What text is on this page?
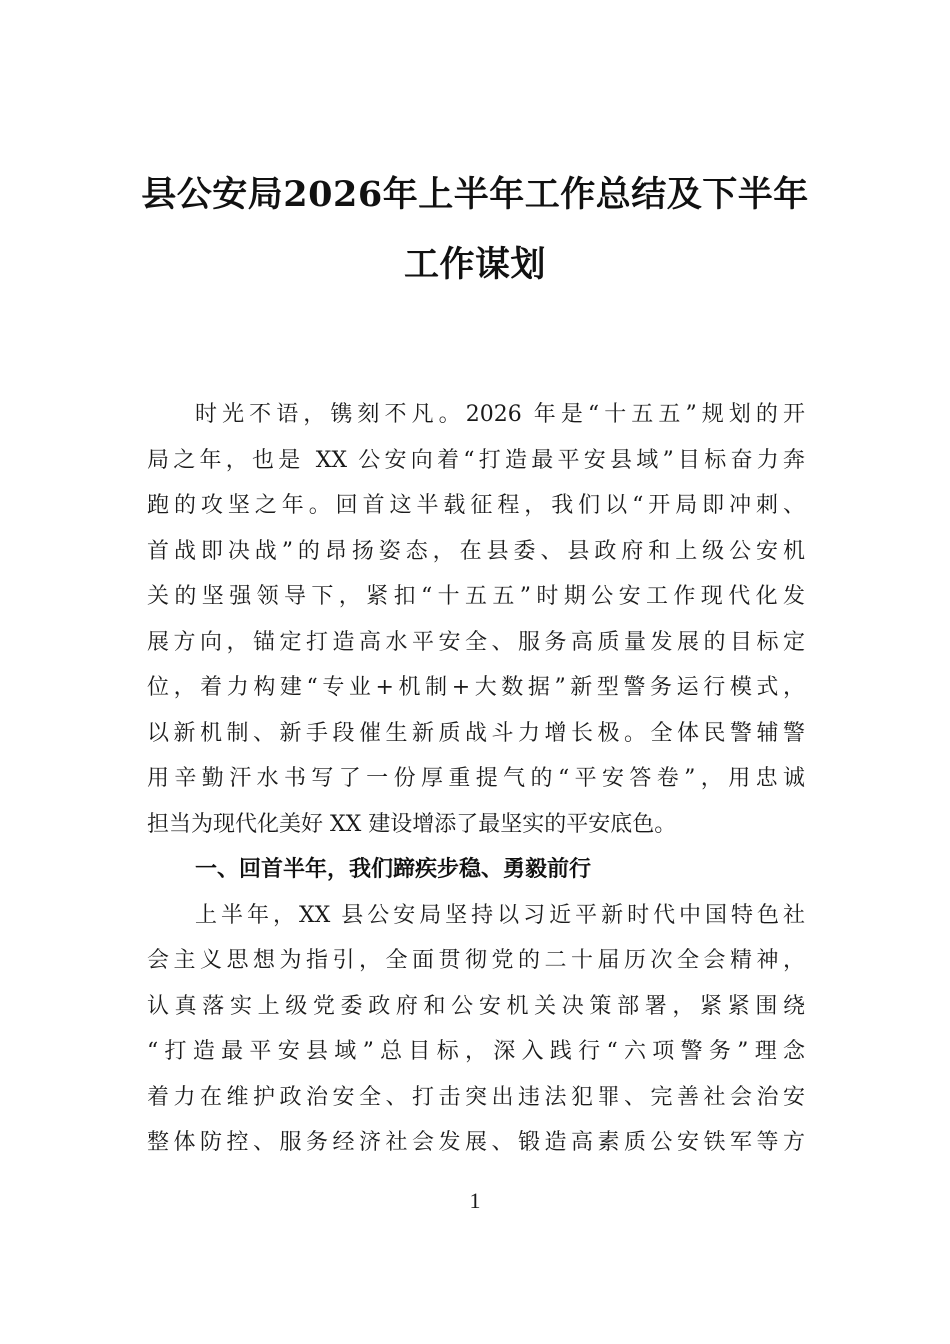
县公安局2026年上半年工作总结及下半年
工作谋划
时光不语，镌刻不凡。2026 年是“十五五”规划的开
局之年，也是 XX 公安向着“打造最平安县域”目标奋力奔
跑的攻坚之年。回首这半载征程，我们以“开局即冲刺、
首战即决战”的昂扬姿态，在县委、县政府和上级公安机
关的坚强领导下，紧扣“十五五”时期公安工作现代化发
展方向，锚定打造高水平安全、服务高质量发展的目标定
位，着力构建“专业+机制+大数据”新型警务运行模式，
以新机制、新手段催生新质战斗力增长极。全体民警辅警
用辛勤汗水书写了一份厚重提气的“平安答卷”，用忠诚
担当为现代化美好 XX 建设增添了最坚实的平安底色。
一、回首半年，我们蹄疾步稳、勇毅前行
上半年，XX 县公安局坚持以习近平新时代中国特色社
会主义思想为指引，全面贯彻党的二十届历次全会精神，
认真落实上级党委政府和公安机关决策部署，紧紧围绕
“打造最平安县域”总目标，深入践行“六项警务”理念
着力在维护政治安全、打击突出违法犯罪、完善社会治安
整体防控、服务经济社会发展、锻造高素质公安铁军等方
1
